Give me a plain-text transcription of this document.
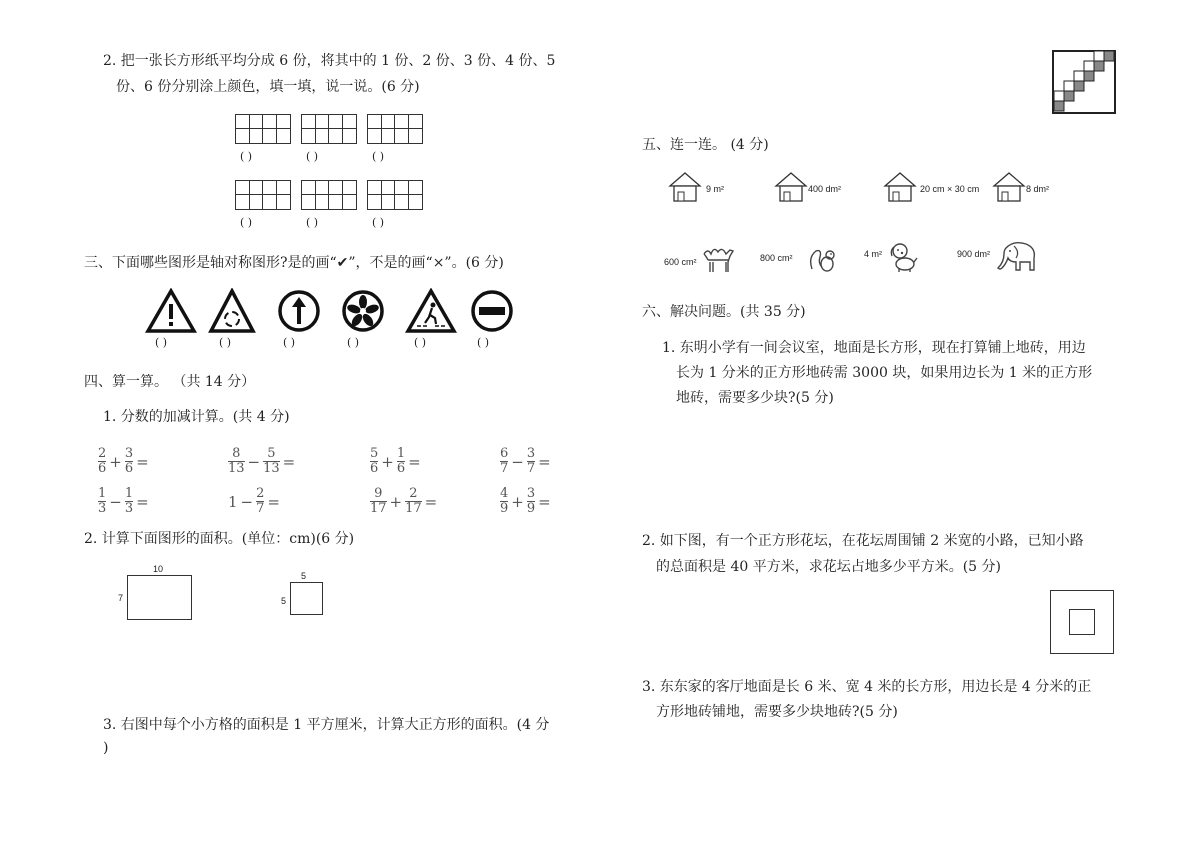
2. 把一张长方形纸平均分成 6 份，将其中的 1 份、2 份、3 份、4 份、5
份、6 份分别涂上颜色，填一填，说一说。(6 分)
( )	( )	( )
( )	( )	( )
三、下面哪些图形是轴对称图形?是的画“✔”，不是的画“×”。(6 分)
( )	( )	( )	( )	( )	( )
四、算一算。 （共 14 分）
1. 分数的加减计算。(共 4 分)
$\frac{2}{6} + \frac{3}{6}$ =	$\frac{8}{13} - \frac{5}{13}$ =	$\frac{5}{6} + \frac{1}{6}$ =	$\frac{6}{7} - \frac{3}{7}$ =
$\frac{1}{3} - \frac{1}{3}$ =	$1 - \frac{2}{7}$ =	$\frac{9}{17} + \frac{2}{17}$ =	$\frac{4}{9} + \frac{3}{9}$ =
2. 计算下面图形的面积。(单位：cm)(6 分)
10
7
5
5
3. 右图中每个小方格的面积是 1 平方厘米，计算大正方形的面积。(4 分
)
五、连一连。 (4 分)
9 m²	400 dm²	20 cm × 30 cm	8 dm²
600 cm²	800 cm²	4 m²	900 dm²
六、解决问题。(共 35 分)
1. 东明小学有一间会议室，地面是长方形，现在打算铺上地砖，用边
长为 1 分米的正方形地砖需 3000 块，如果用边长为 1 米的正方形
地砖，需要多少块?(5 分)
2. 如下图，有一个正方形花坛，在花坛周围铺 2 米宽的小路，已知小路
的总面积是 40 平方米，求花坛占地多少平方米。(5 分)
3. 东东家的客厅地面是长 6 米、宽 4 米的长方形，用边长是 4 分米的正
方形地砖铺地，需要多少块地砖?(5 分)
